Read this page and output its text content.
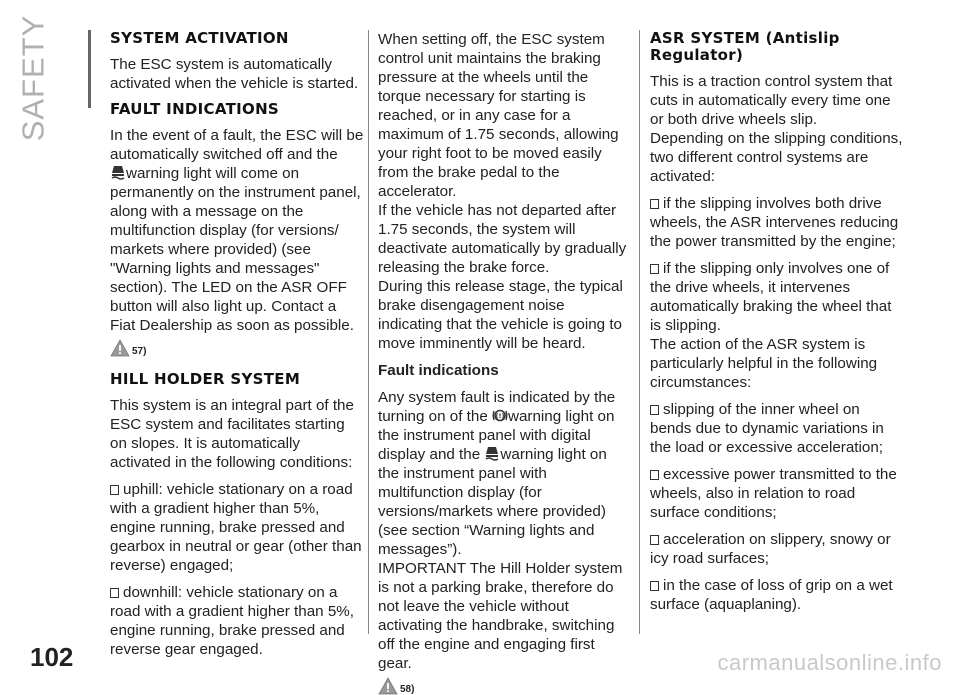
SAFETY	SYSTEM ACTIVATION

The ESC system is automatically activated when the vehicle is started.

FAULT INDICATIONS

In the event of a fault, the ESC will be automatically switched off and the
warning light will come on permanently on the instrument panel, along with a message on the multifunction display (for versions/ markets where provided) (see "Warning lights and messages" section). The LED on the ASR OFF button will also light up. Contact a Fiat Dealership as soon as possible.

57)
HILL HOLDER SYSTEM

This system is an integral part of the ESC system and facilitates starting on slopes. It is automatically activated in the following conditions:

uphill: vehicle stationary on a road with a gradient higher than 5%, engine running, brake pressed and gearbox in neutral or gear (other than reverse) engaged;

downhill: vehicle stationary on a road with a gradient higher than 5%, engine running, brake pressed and reverse gear engaged.

When setting off, the ESC system control unit maintains the braking pressure at the wheels until the torque necessary for starting is reached, or in any case for a maximum of 1.75 seconds, allowing your right foot to be moved easily from the brake pedal to the accelerator.

If the vehicle has not departed after 1.75 seconds, the system will deactivate automatically by gradually releasing the brake force.

During this release stage, the typical brake disengagement noise indicating that the vehicle is going to move imminently will be heard.

Fault indications

Any system fault is indicated by the turning on of the (!) warning light on the instrument panel with digital display and the warning light on the instrument panel with multifunction display (for versions/markets where provided) (see section “Warning lights and messages”).

IMPORTANT The Hill Holder system is not a parking brake, therefore do not leave the vehicle without activating the handbrake, switching off the engine and engaging first gear.

58)
ASR SYSTEM (Antislip Regulator)

This is a traction control system that cuts in automatically every time one or both drive wheels slip.

Depending on the slipping conditions, two different control systems are activated:

if the slipping involves both drive wheels, the ASR intervenes reducing the power transmitted by the engine;

if the slipping only involves one of the drive wheels, it intervenes automatically braking the wheel that is slipping.

The action of the ASR system is particularly helpful in the following circumstances:

slipping of the inner wheel on bends due to dynamic variations in the load or excessive acceleration;

excessive power transmitted to the wheels, also in relation to road surface conditions;

acceleration on slippery, snowy or icy road surfaces;

in the case of loss of grip on a wet surface (aquaplaning).

102	carmanualsonline.info
